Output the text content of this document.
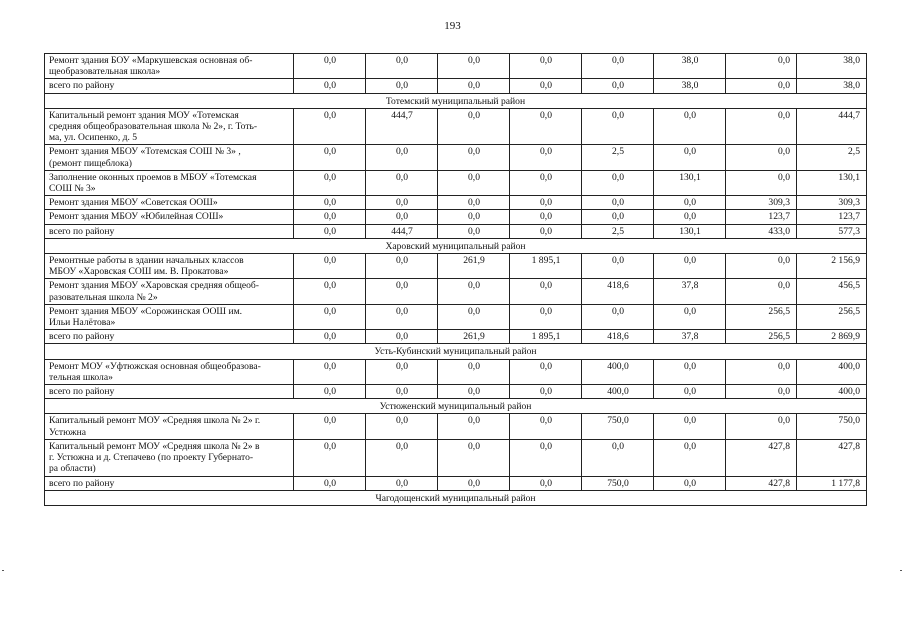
193
Ремонт здания БОУ «Маркушевская основная об-
щеобразовательная школа»	0,0	0,0	0,0	0,0	0,0	38,0	0,0	38,0
всего по району	0,0	0,0	0,0	0,0	0,0	38,0	0,0	38,0
Тотемский муниципальный район								
Капитальный ремонт здания МОУ «Тотемская
средняя общеобразовательная школа № 2», г. Тоть-
ма, ул. Осипенко, д. 5	0,0	444,7	0,0	0,0	0,0	0,0	0,0	444,7
Ремонт здания МБОУ «Тотемская СОШ № 3» ,
(ремонт пищеблока)	0,0	0,0	0,0	0,0	2,5	0,0	0,0	2,5
Заполнение оконных проемов в МБОУ «Тотемская
СОШ № 3»	0,0	0,0	0,0	0,0	0,0	130,1	0,0	130,1
Ремонт здания МБОУ «Советская ООШ»	0,0	0,0	0,0	0,0	0,0	0,0	309,3	309,3
Ремонт здания МБОУ «Юбилейная СОШ»	0,0	0,0	0,0	0,0	0,0	0,0	123,7	123,7
всего по району	0,0	444,7	0,0	0,0	2,5	130,1	433,0	577,3
Харовский муниципальный район								
Ремонтные работы в здании начальных классов
МБОУ «Харовская СОШ им. В. Прокатова»	0,0	0,0	261,9	1 895,1	0,0	0,0	0,0	2 156,9
Ремонт здания МБОУ «Харовская средняя общеоб-
разовательная школа № 2»	0,0	0,0	0,0	0,0	418,6	37,8	0,0	456,5
Ремонт здания МБОУ «Сорожинская ООШ им.
Ильи Налётова»	0,0	0,0	0,0	0,0	0,0	0,0	256,5	256,5
всего по району	0,0	0,0	261,9	1 895,1	418,6	37,8	256,5	2 869,9
Усть-Кубинский муниципальный район								
Ремонт МОУ «Уфтюжская основная общеобразова-
тельная школа»	0,0	0,0	0,0	0,0	400,0	0,0	0,0	400,0
всего по району	0,0	0,0	0,0	0,0	400,0	0,0	0,0	400,0
Устюженский муниципальный район								
Капитальный ремонт МОУ «Средняя школа № 2» г.
Устюжна	0,0	0,0	0,0	0,0	750,0	0,0	0,0	750,0
Капитальный ремонт МОУ «Средняя школа № 2» в
г. Устюжна и д. Степачево (по проекту Губернато-
ра области)	0,0	0,0	0,0	0,0	0,0	0,0	427,8	427,8
всего по району	0,0	0,0	0,0	0,0	750,0	0,0	427,8	1 177,8
Чагодощенский муниципальный район								
